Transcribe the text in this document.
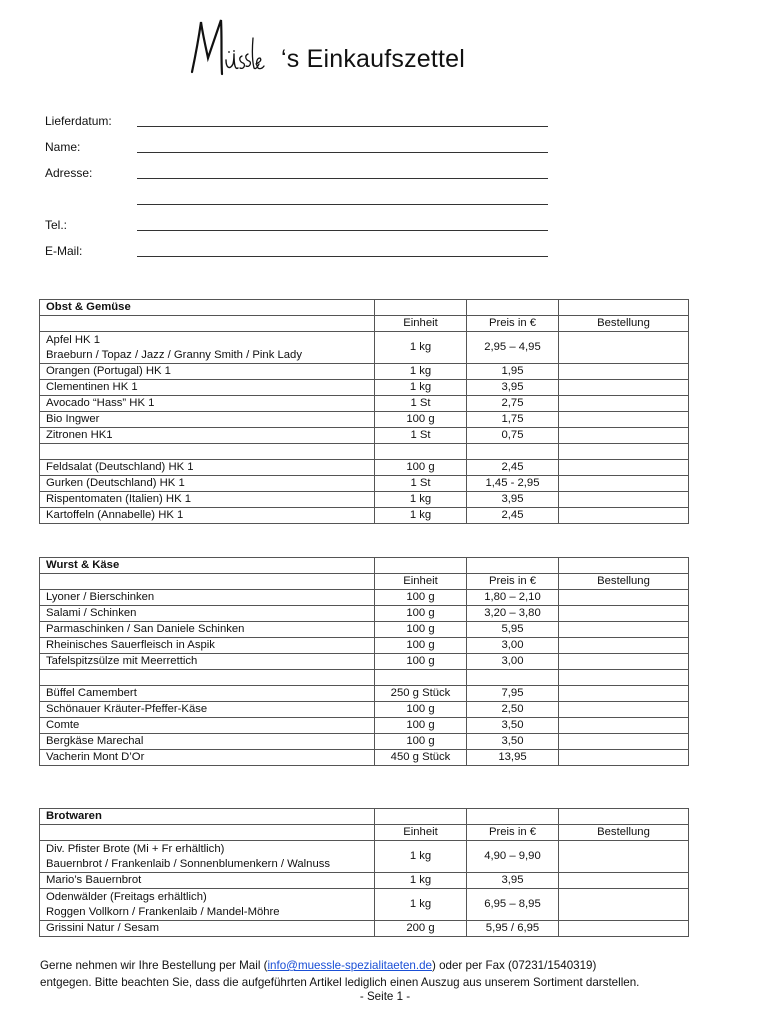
‘s Einkaufszettel
Lieferdatum:
Name:
Adresse:
Tel.:
E-Mail:
Obst & Gemüse			
	Einheit	Preis in €	Bestellung

Apfel HK 1
Braeburn / Topaz / Jazz / Granny Smith / Pink Lady	1 kg	2,95 – 4,95	
Orangen (Portugal) HK 1	1 kg	1,95	
Clementinen HK 1	1 kg	3,95	
Avocado “Hass” HK 1	1 St	2,75	
Bio Ingwer	100 g	1,75	
Zitronen HK1	1 St	0,75	

Feldsalat (Deutschland) HK 1	100 g	2,45	
Gurken (Deutschland) HK 1	1 St	1,45 - 2,95	
Rispentomaten (Italien) HK 1	1 kg	3,95	
Kartoffeln (Annabelle) HK 1	1 kg	2,45	
Wurst & Käse			
	Einheit	Preis in €	Bestellung
Lyoner / Bierschinken	100 g	1,80 – 2,10	
Salami / Schinken	100 g	3,20 – 3,80	
Parmaschinken / San Daniele Schinken	100 g	5,95	
Rheinisches Sauerfleisch in Aspik	100 g	3,00	
Tafelspitzsülze mit Meerrettich	100 g	3,00	

Büffel Camembert	250 g Stück	7,95	
Schönauer Kräuter-Pfeffer-Käse	100 g	2,50	
Comte	100 g	3,50	
Bergkäse Marechal	100 g	3,50	
Vacherin Mont D’Or	450 g Stück	13,95	
Brotwaren			
	Einheit	Preis in €	Bestellung

Div. Pfister Brote (Mi + Fr erhältlich)
Bauernbrot / Frankenlaib / Sonnenblumenkern / Walnuss	1 kg	4,90 – 9,90	
Mario’s Bauernbrot	1 kg	3,95	

Odenwälder (Freitags erhältlich)
Roggen Vollkorn / Frankenlaib / Mandel-Möhre	1 kg	6,95 – 8,95	
Grissini Natur / Sesam	200 g	5,95 / 6,95	
Gerne nehmen wir Ihre Bestellung per Mail (info@muessle-spezialitaeten.de) oder per Fax (07231/1540319)
entgegen. Bitte beachten Sie, dass die aufgeführten Artikel lediglich einen Auszug aus unserem Sortiment darstellen.
- Seite 1 -
